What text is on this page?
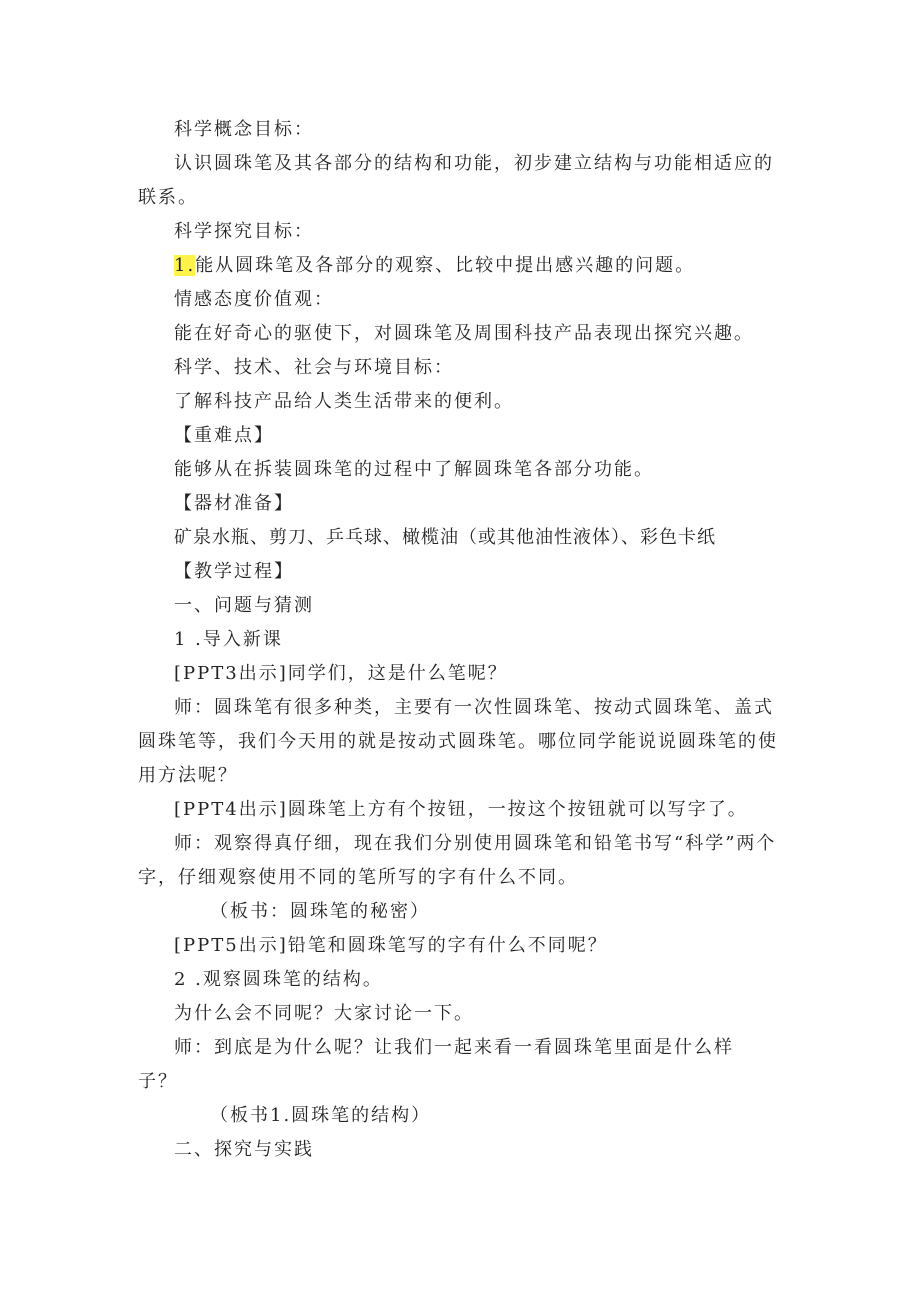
科学概念目标：

认识圆珠笔及其各部分的结构和功能，初步建立结构与功能相适应的联系。

科学探究目标：

1.能从圆珠笔及各部分的观察、比较中提出感兴趣的问题。

情感态度价值观：

能在好奇心的驱使下，对圆珠笔及周围科技产品表现出探究兴趣。

科学、技术、社会与环境目标：

了解科技产品给人类生活带来的便利。

【重难点】

能够从在拆装圆珠笔的过程中了解圆珠笔各部分功能。

【器材准备】

矿泉水瓶、剪刀、乒乓球、橄榄油（或其他油性液体）、彩色卡纸

【教学过程】

一、问题与猜测

1 .导入新课

[PPT3出示]同学们，这是什么笔呢？

师：圆珠笔有很多种类，主要有一次性圆珠笔、按动式圆珠笔、盖式圆珠笔等，我们今天用的就是按动式圆珠笔。哪位同学能说说圆珠笔的使用方法呢？

[PPT4出示]圆珠笔上方有个按钮，一按这个按钮就可以写字了。

师：观察得真仔细，现在我们分别使用圆珠笔和铅笔书写“科学”两个字，仔细观察使用不同的笔所写的字有什么不同。

（板书：圆珠笔的秘密）

[PPT5出示]铅笔和圆珠笔写的字有什么不同呢？

2 .观察圆珠笔的结构。

为什么会不同呢？大家讨论一下。

师：到底是为什么呢？让我们一起来看一看圆珠笔里面是什么样子？

（板书1.圆珠笔的结构）

二、探究与实践
